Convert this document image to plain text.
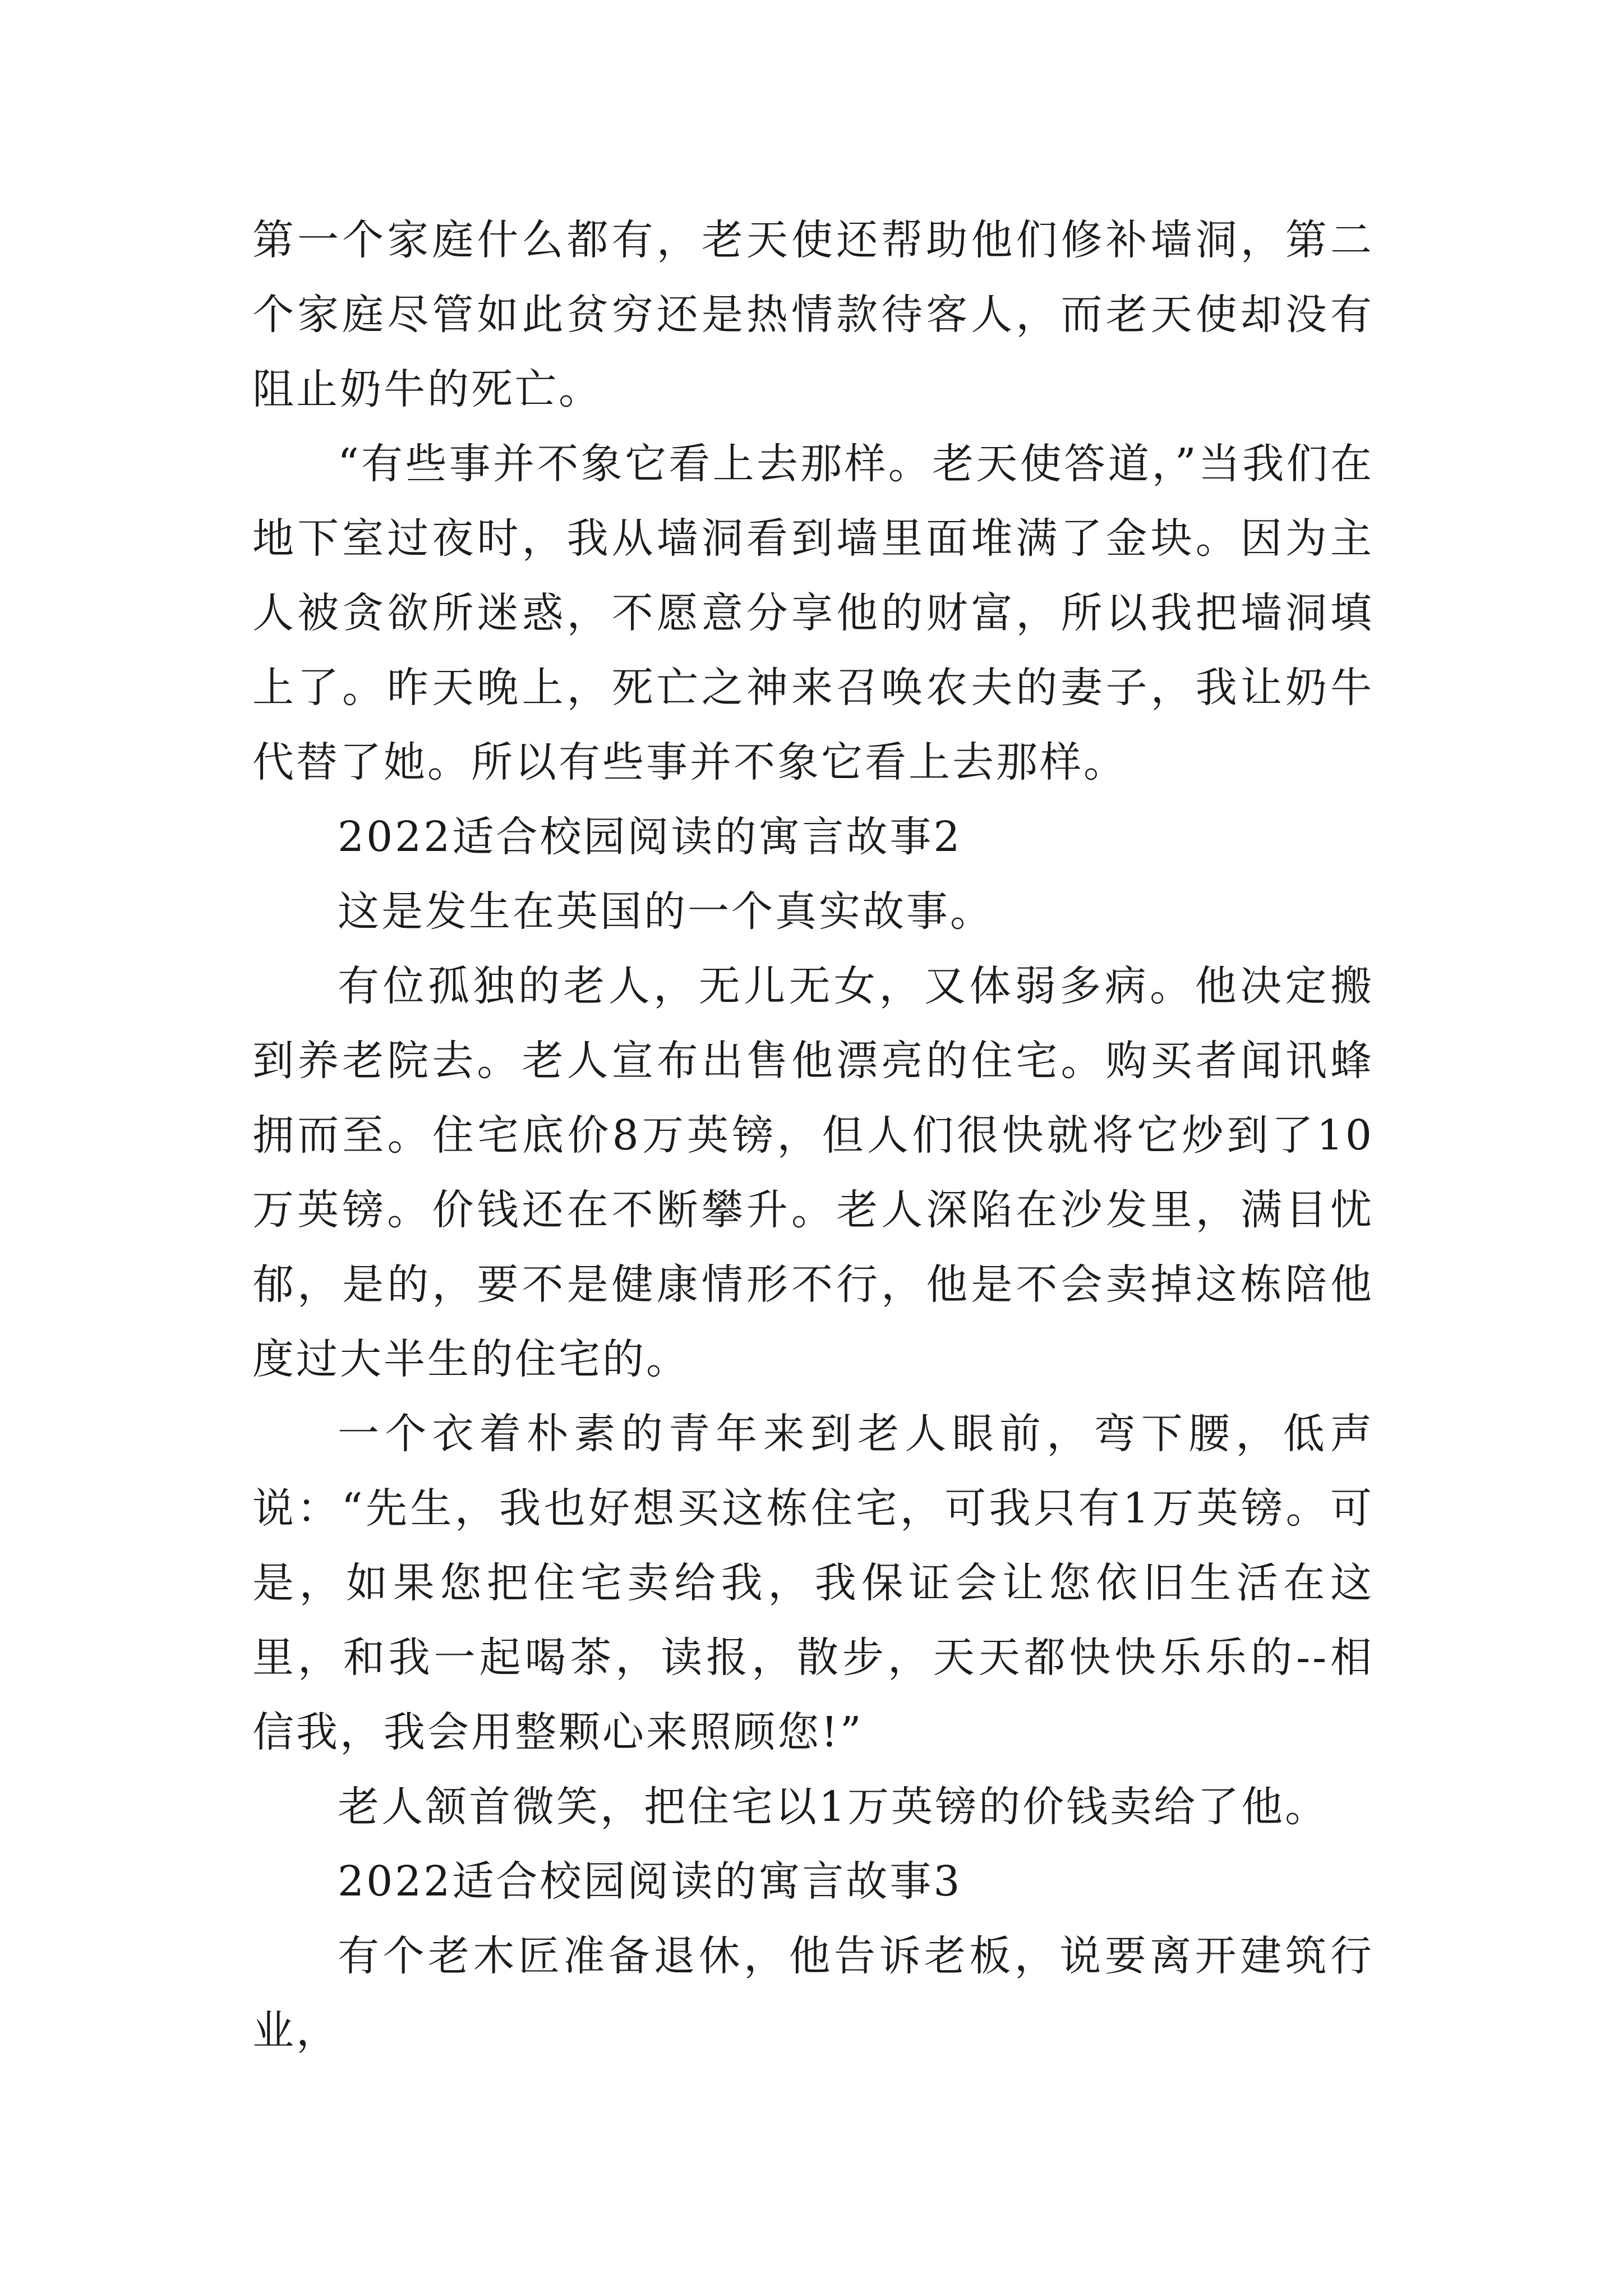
第一个家庭什么都有，老天使还帮助他们修补墙洞，第二个家庭尽管如此贫穷还是热情款待客人，而老天使却没有阻止奶牛的死亡。

“有些事并不象它看上去那样。老天使答道，”当我们在地下室过夜时，我从墙洞看到墙里面堆满了金块。因为主人被贪欲所迷惑，不愿意分享他的财富，所以我把墙洞填上了。昨天晚上，死亡之神来召唤农夫的妻子，我让奶牛代替了她。所以有些事并不象它看上去那样。

2022适合校园阅读的寓言故事2

这是发生在英国的一个真实故事。

有位孤独的老人，无儿无女，又体弱多病。他决定搬到养老院去。老人宣布出售他漂亮的住宅。购买者闻讯蜂拥而至。住宅底价8万英镑，但人们很快就将它炒到了10万英镑。价钱还在不断攀升。老人深陷在沙发里，满目忧郁，是的，要不是健康情形不行，他是不会卖掉这栋陪他度过大半生的住宅的。

一个衣着朴素的青年来到老人眼前，弯下腰，低声说：“先生，我也好想买这栋住宅，可我只有1万英镑。可是，如果您把住宅卖给我，我保证会让您依旧生活在这里，和我一起喝茶，读报，散步，天天都快快乐乐的--相信我，我会用整颗心来照顾您!”

老人颔首微笑，把住宅以1万英镑的价钱卖给了他。

2022适合校园阅读的寓言故事3

有个老木匠准备退休，他告诉老板，说要离开建筑行业，
